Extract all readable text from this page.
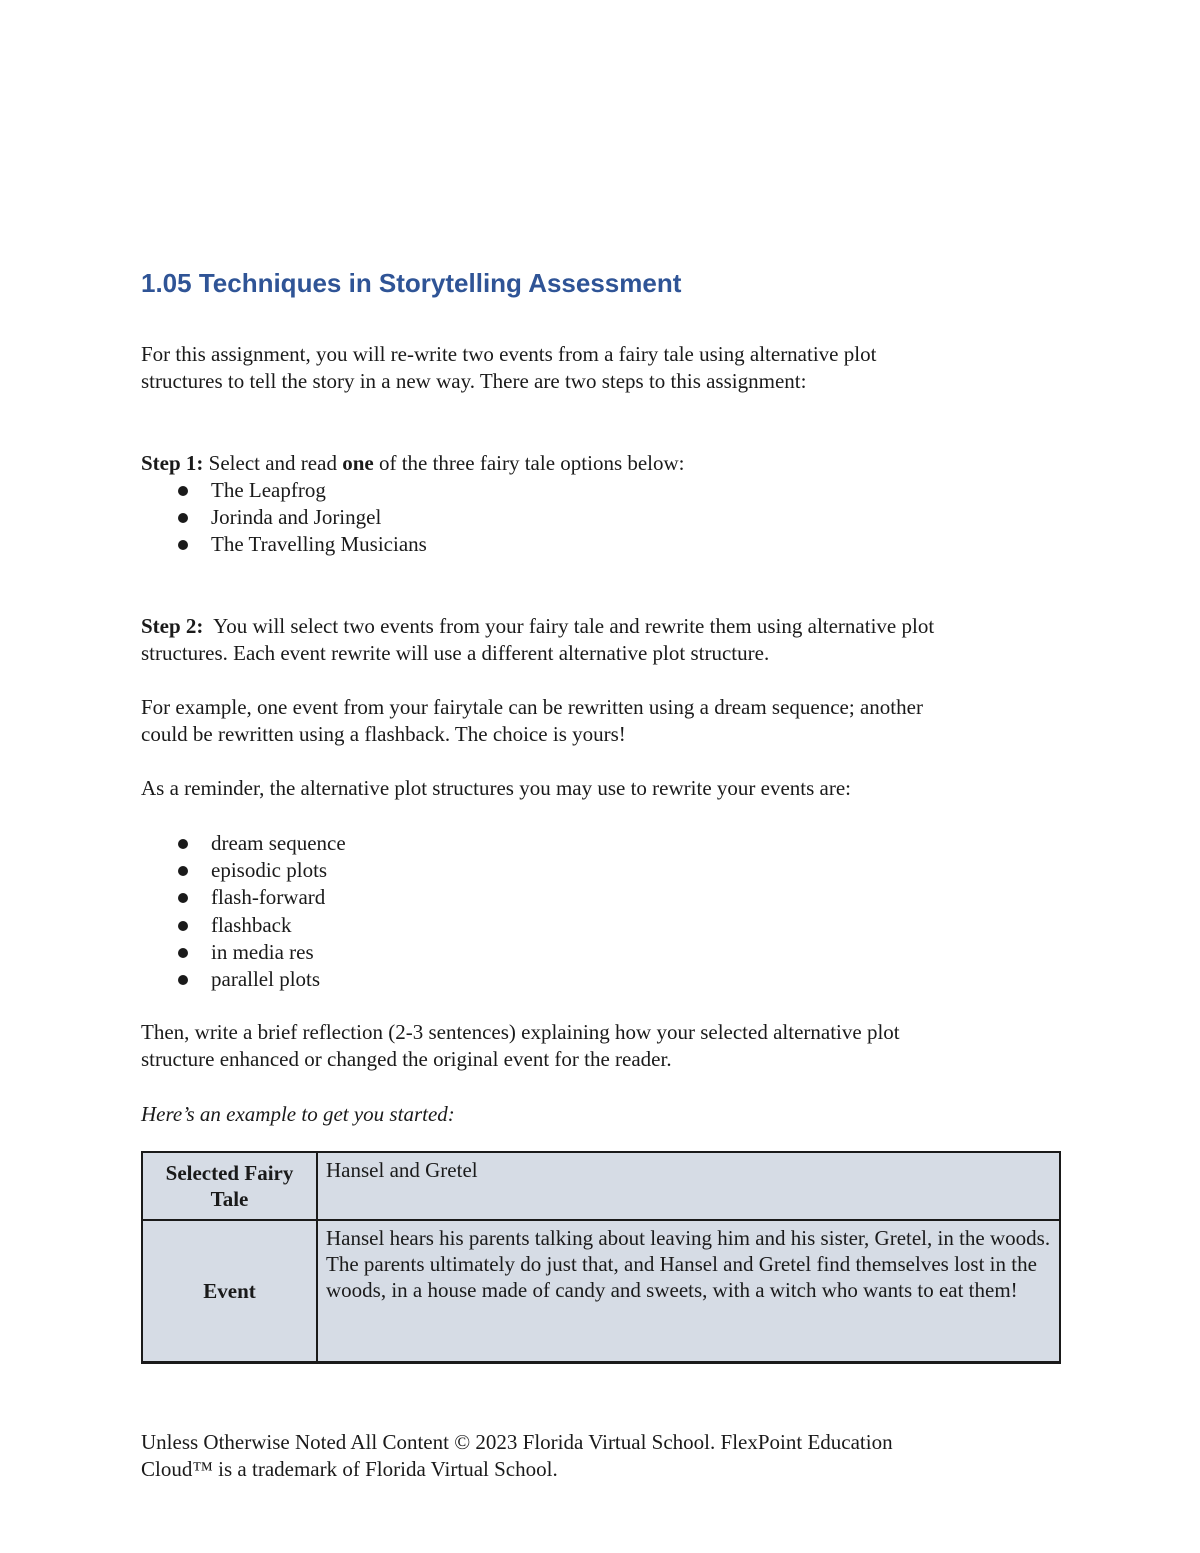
1.05 Techniques in Storytelling Assessment

For this assignment, you will re-write two events from a fairy tale using alternative plot
structures to tell the story in a new way. There are two steps to this assignment:

Step 1: Select and read one of the three fairy tale options below:

The Leapfrog
Jorinda and Joringel
The Travelling Musicians

Step 2:  You will select two events from your fairy tale and rewrite them using alternative plot
structures. Each event rewrite will use a different alternative plot structure.

For example, one event from your fairytale can be rewritten using a dream sequence; another
could be rewritten using a flashback. The choice is yours!

As a reminder, the alternative plot structures you may use to rewrite your events are:

dream sequence
episodic plots
flash-forward
flashback
in media res
parallel plots

Then, write a brief reflection (2-3 sentences) explaining how your selected alternative plot
structure enhanced or changed the original event for the reader.

Here’s an example to get you started:

Selected Fairy Tale	Hansel and Gretel
Event	Hansel hears his parents talking about leaving him and his sister, Gretel, in the woods. The parents ultimately do just that, and Hansel and Gretel find themselves lost in the woods, in a house made of candy and sweets, with a witch who wants to eat them!

Unless Otherwise Noted All Content © 2023 Florida Virtual School. FlexPoint Education
Cloud™ is a trademark of Florida Virtual School.
